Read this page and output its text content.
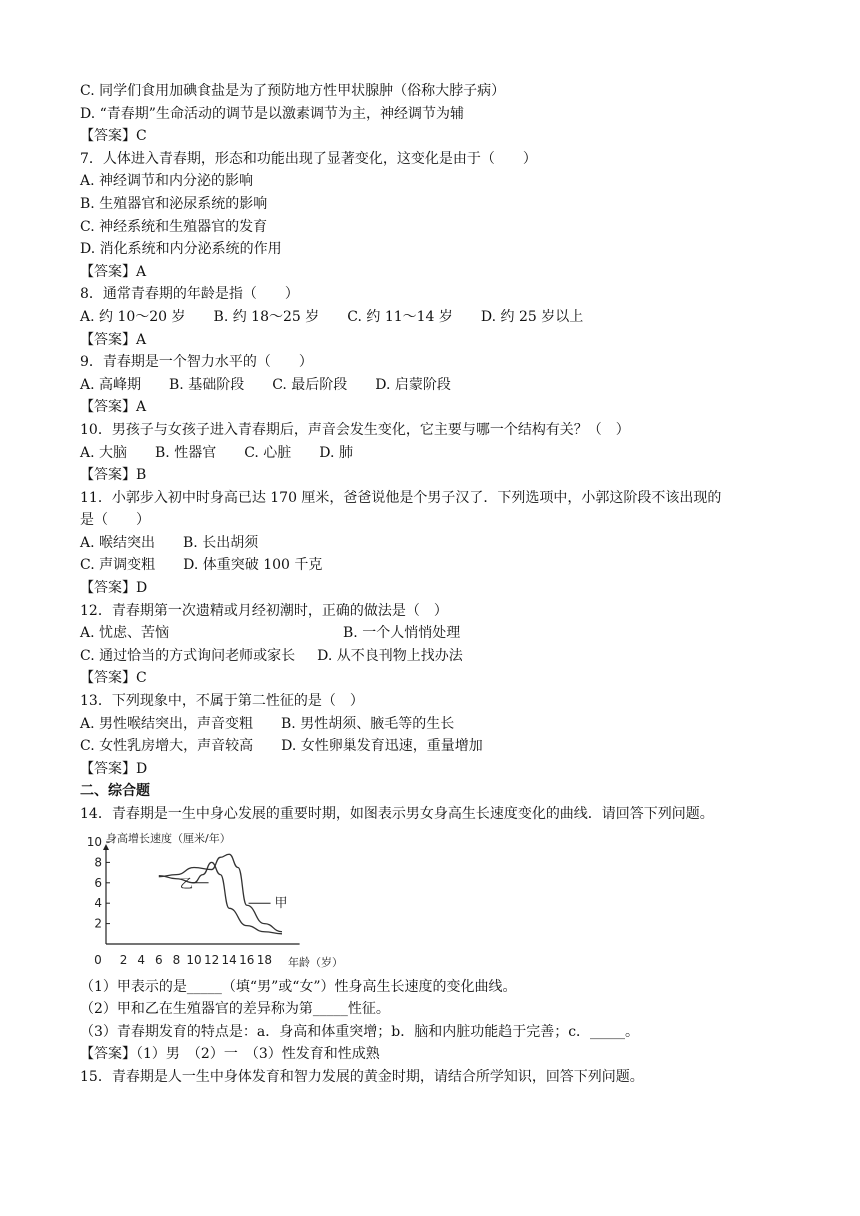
C. 同学们食用加碘食盐是为了预防地方性甲状腺肿（俗称大脖子病）
D. “青春期”生命活动的调节是以激素调节为主，神经调节为辅
【答案】C
7．人体进入青春期，形态和功能出现了显著变化，这变化是由于（　　）
A. 神经调节和内分泌的影响
B. 生殖器官和泌尿系统的影响
C. 神经系统和生殖器官的发育
D. 消化系统和内分泌系统的作用
【答案】A
8．通常青春期的年龄是指（　　）
A. 约 10～20 岁　　B. 约 18～25 岁　　C. 约 11～14 岁　　D. 约 25 岁以上
【答案】A
9．青春期是一个智力水平的（　　）
A. 高峰期　　B. 基础阶段　　C. 最后阶段　　D. 启蒙阶段
【答案】A
10．男孩子与女孩子进入青春期后，声音会发生变化，它主要与哪一个结构有关？（　）
A. 大脑　　B. 性器官　　C. 心脏　　D. 肺
【答案】B
11．小郭步入初中时身高已达 170 厘米，爸爸说他是个男子汉了．下列选项中，小郭这阶段不该出现的
是（　　）
A. 喉结突出　　B. 长出胡须
C. 声调变粗　　D. 体重突破 100 千克
【答案】D
12．青春期第一次遗精或月经初潮时，正确的做法是（　）
A. 忧虑、苦恼	B. 一个人悄悄处理
C. 通过恰当的方式询问老师或家长 D. 从不良刊物上找办法
【答案】C
13．下列现象中，不属于第二性征的是（　）
A. 男性喉结突出，声音变粗　　B. 男性胡须、腋毛等的生长
C. 女性乳房增大，声音较高　　D. 女性卵巢发育迅速，重量增加
【答案】D
二、综合题
14．青春期是一生中身心发展的重要时期，如图表示男女身高生长速度变化的曲线．请回答下列问题。
身高增长速度（厘米/年）
2
4
6
8
10
0 2 4 6 8 10 12 14 16 18
甲
乙
年龄（岁）
（1）甲表示的是_____（填“男”或“女”）性身高生长速度的变化曲线。
（2）甲和乙在生殖器官的差异称为第_____性征。
（3）青春期发育的特点是：a．身高和体重突增；b．脑和内脏功能趋于完善；c．_____。
【答案】（1）男　（2）一　（3）性发育和性成熟
15．青春期是人一生中身体发育和智力发展的黄金时期，请结合所学知识，回答下列问题。
